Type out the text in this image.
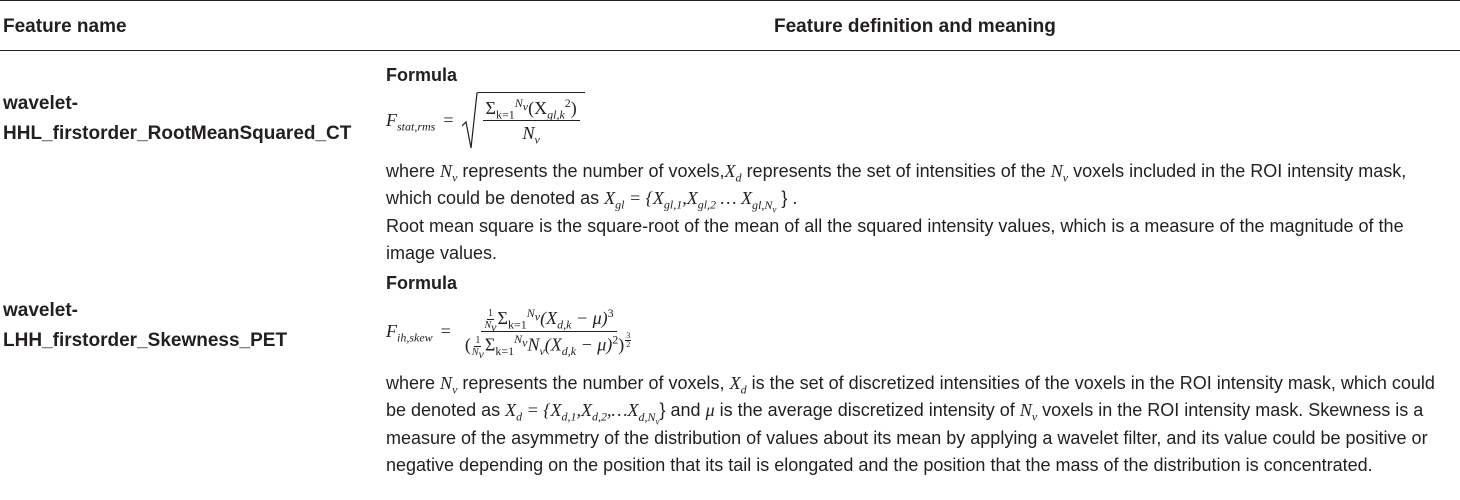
Feature name	Feature definition and meaning
wavelet-
HHL_firstorder_RootMeanSquared_CT

Formula

$F_{stat,rms} = \frac{\Sigma_{k=1}^{N_v}(X_{gl,k}^2)}{N_v}$

where $N_v$ represents the number of $voxels,X_d$ represents the set of intensities of the $N_v$ voxels included in the ROI intensity mask, which could be denoted as $X_{gl} = \{X_{gl,1},X_{gl,2}$ … $X_{gl,N_v}$ } .

Root mean square is the square-root of the mean of all the squared intensity values, which is a measure of the magnitude of the image values.

wavelet-
LHH_firstorder_Skewness_PET

Formula

$F_{ih,skew} = \frac{1}{N_v} \Sigma_{k=1}^{N_v}(X_{d,k} - \mu)^3$
( $\frac{1}{N_v} \Sigma_{k=1}^{N_v}N_v(X_{d,k} - \mu)^2$) $^{\frac{3}{2}}$

where $N_v$ represents the number of voxels, $X_d$ is the set of discretized intensities of the voxels in the ROI intensity mask, which could be denoted as $X_d$ = $\{X_{d,1},X_{d,2},\dots X_{d,N_v}\}$ and μ is the average discretized intensity of $N_v$ voxels in the ROI intensity mask. Skewness is a measure of the asymmetry of the distribution of values about its mean by applying a wavelet filter, and its value could be positive or negative depending on the position that its tail is elongated and the position that the mass of the distribution is concentrated.
